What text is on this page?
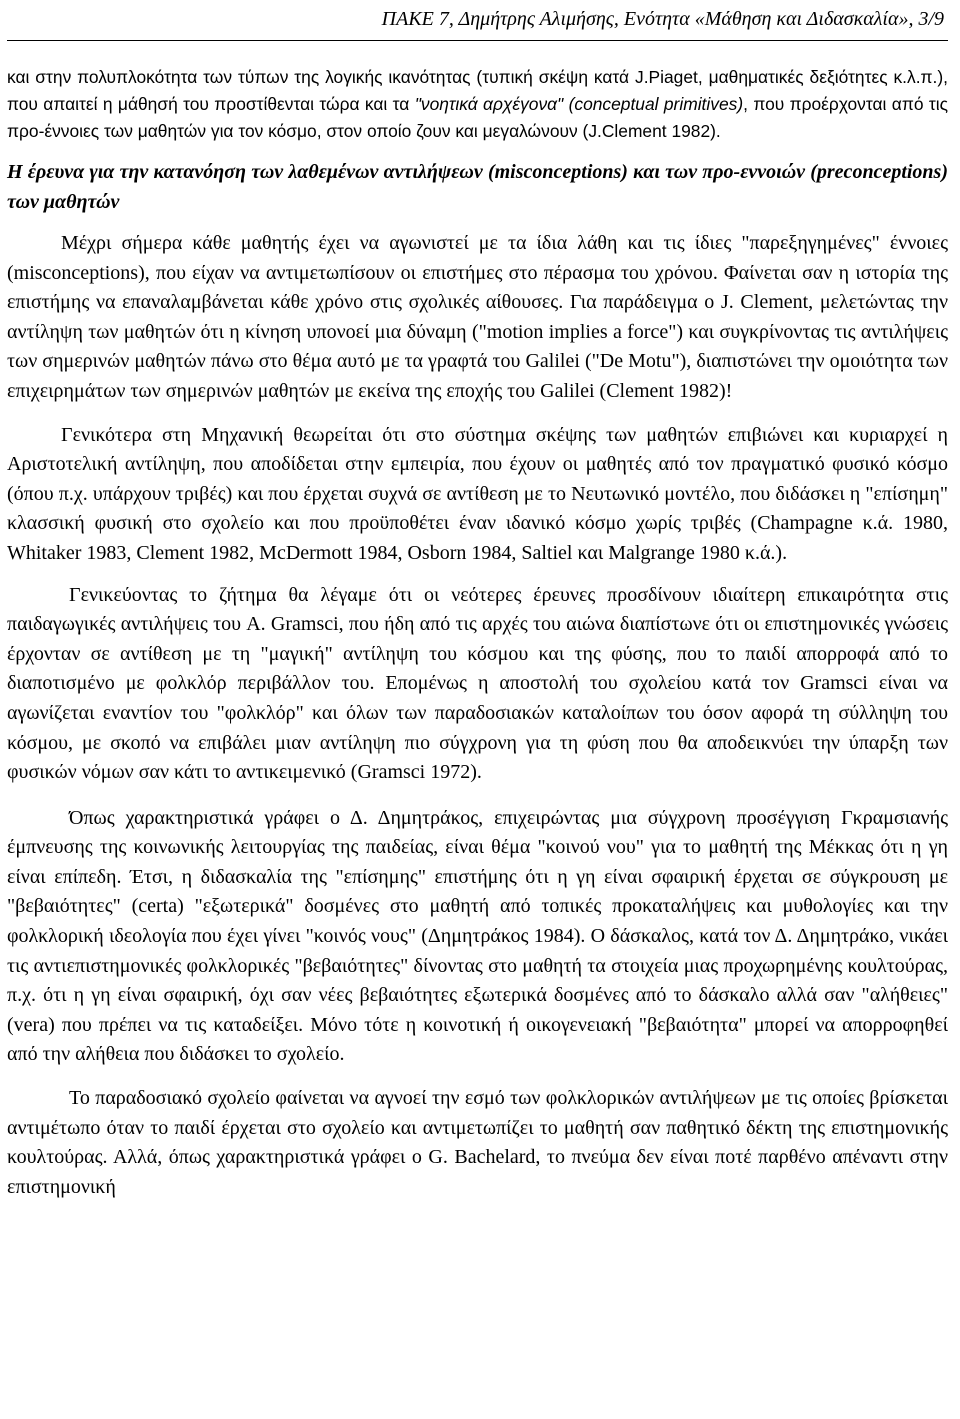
ΠΑΚΕ 7, Δημήτρης Αλιμήσης, Ενότητα «Μάθηση και Διδασκαλία», 3/9

και στην πολυπλοκότητα των τύπων της λογικής ικανότητας (τυπική σκέψη κατά J.Piaget, μαθηματικές δεξιότητες κ.λ.π.), που απαιτεί η μάθησή του προστίθενται τώρα και τα "νοητικά αρχέγονα" (conceptual primitives), που προέρχονται από τις προ-έννοιες των μαθητών για τον κόσμο, στον οποίο ζουν και μεγαλώνουν (J.Clement 1982).

Η έρευνα για την κατανόηση των λαθεμένων αντιλήψεων (misconceptions) και των προ-εννοιών (preconceptions) των μαθητών

Μέχρι σήμερα κάθε μαθητής έχει να αγωνιστεί με τα ίδια λάθη και τις ίδιες "παρεξηγημένες" έννοιες (misconceptions), που είχαν να αντιμετωπίσουν οι επιστήμες στο πέρασμα του χρόνου. Φαίνεται σαν η ιστορία της επιστήμης να επαναλαμβάνεται κάθε χρόνο στις σχολικές αίθουσες. Για παράδειγμα ο J. Clement, μελετώντας την αντίληψη των μαθητών ότι η κίνηση υπονοεί μια δύναμη ("motion implies a force") και συγκρίνοντας τις αντιλήψεις των σημερινών μαθητών πάνω στο θέμα αυτό με τα γραφτά του Galilei ("De Motu"), διαπιστώνει την ομοιότητα των επιχειρημάτων των σημερινών μαθητών με εκείνα της εποχής του Galilei (Clement 1982)!

Γενικότερα στη Μηχανική θεωρείται ότι στο σύστημα σκέψης των μαθητών επιβιώνει και κυριαρχεί η Αριστοτελική αντίληψη, που αποδίδεται στην εμπειρία, που έχουν οι μαθητές από τον πραγματικό φυσικό κόσμο (όπου π.χ. υπάρχουν τριβές) και που έρχεται συχνά σε αντίθεση με το Νευτωνικό μοντέλο, που διδάσκει η "επίσημη" κλασσική φυσική στο σχολείο και που προϋποθέτει έναν ιδανικό κόσμο χωρίς τριβές (Champagne κ.ά. 1980, Whitaker 1983, Clement 1982, McDermott 1984, Osborn 1984, Saltiel και Malgrange 1980 κ.ά.).

Γενικεύοντας το ζήτημα θα λέγαμε ότι οι νεότερες έρευνες προσδίνουν ιδιαίτερη επικαιρότητα στις παιδαγωγικές αντιλήψεις του A. Gramsci, που ήδη από τις αρχές του αιώνα διαπίστωνε ότι οι επιστημονικές γνώσεις έρχονταν σε αντίθεση με τη "μαγική" αντίληψη του κόσμου και της φύσης, που το παιδί απορροφά από το διαποτισμένο με φολκλόρ περιβάλλον του. Επομένως η αποστολή του σχολείου κατά τον Gramsci είναι να αγωνίζεται εναντίον του "φολκλόρ" και όλων των παραδοσιακών καταλοίπων του όσον αφορά τη σύλληψη του κόσμου, με σκοπό να επιβάλει μιαν αντίληψη πιο σύγχρονη για τη φύση που θα αποδεικνύει την ύπαρξη των φυσικών νόμων σαν κάτι το αντικειμενικό (Gramsci 1972).

Όπως χαρακτηριστικά γράφει ο Δ. Δημητράκος, επιχειρώντας μια σύγχρονη προσέγγιση Γκραμσιανής έμπνευσης της κοινωνικής λειτουργίας της παιδείας, είναι θέμα "κοινού νου" για το μαθητή της Μέκκας ότι η γη είναι επίπεδη. Έτσι, η διδασκαλία της "επίσημης" επιστήμης ότι η γη είναι σφαιρική έρχεται σε σύγκρουση με "βεβαιότητες" (certa) "εξωτερικά" δοσμένες στο μαθητή από τοπικές προκαταλήψεις και μυθολογίες και την φολκλορική ιδεολογία που έχει γίνει "κοινός νους" (Δημητράκος 1984). Ο δάσκαλος, κατά τον Δ. Δημητράκο, νικάει τις αντιεπιστημονικές φολκλορικές "βεβαιότητες" δίνοντας στο μαθητή τα στοιχεία μιας προχωρημένης κουλτούρας, π.χ. ότι η γη είναι σφαιρική, όχι σαν νέες βεβαιότητες εξωτερικά δοσμένες από το δάσκαλο αλλά σαν "αλήθειες" (vera) που πρέπει να τις καταδείξει. Μόνο τότε η κοινοτική ή οικογενειακή "βεβαιότητα" μπορεί να απορροφηθεί από την αλήθεια που διδάσκει το σχολείο.

Το παραδοσιακό σχολείο φαίνεται να αγνοεί την εσμό των φολκλορικών αντιλήψεων με τις οποίες βρίσκεται αντιμέτωπο όταν το παιδί έρχεται στο σχολείο και αντιμετωπίζει το μαθητή σαν παθητικό δέκτη της επιστημονικής κουλτούρας. Αλλά, όπως χαρακτηριστικά γράφει ο G. Bachelard, το πνεύμα δεν είναι ποτέ παρθένο απέναντι στην επιστημονική
